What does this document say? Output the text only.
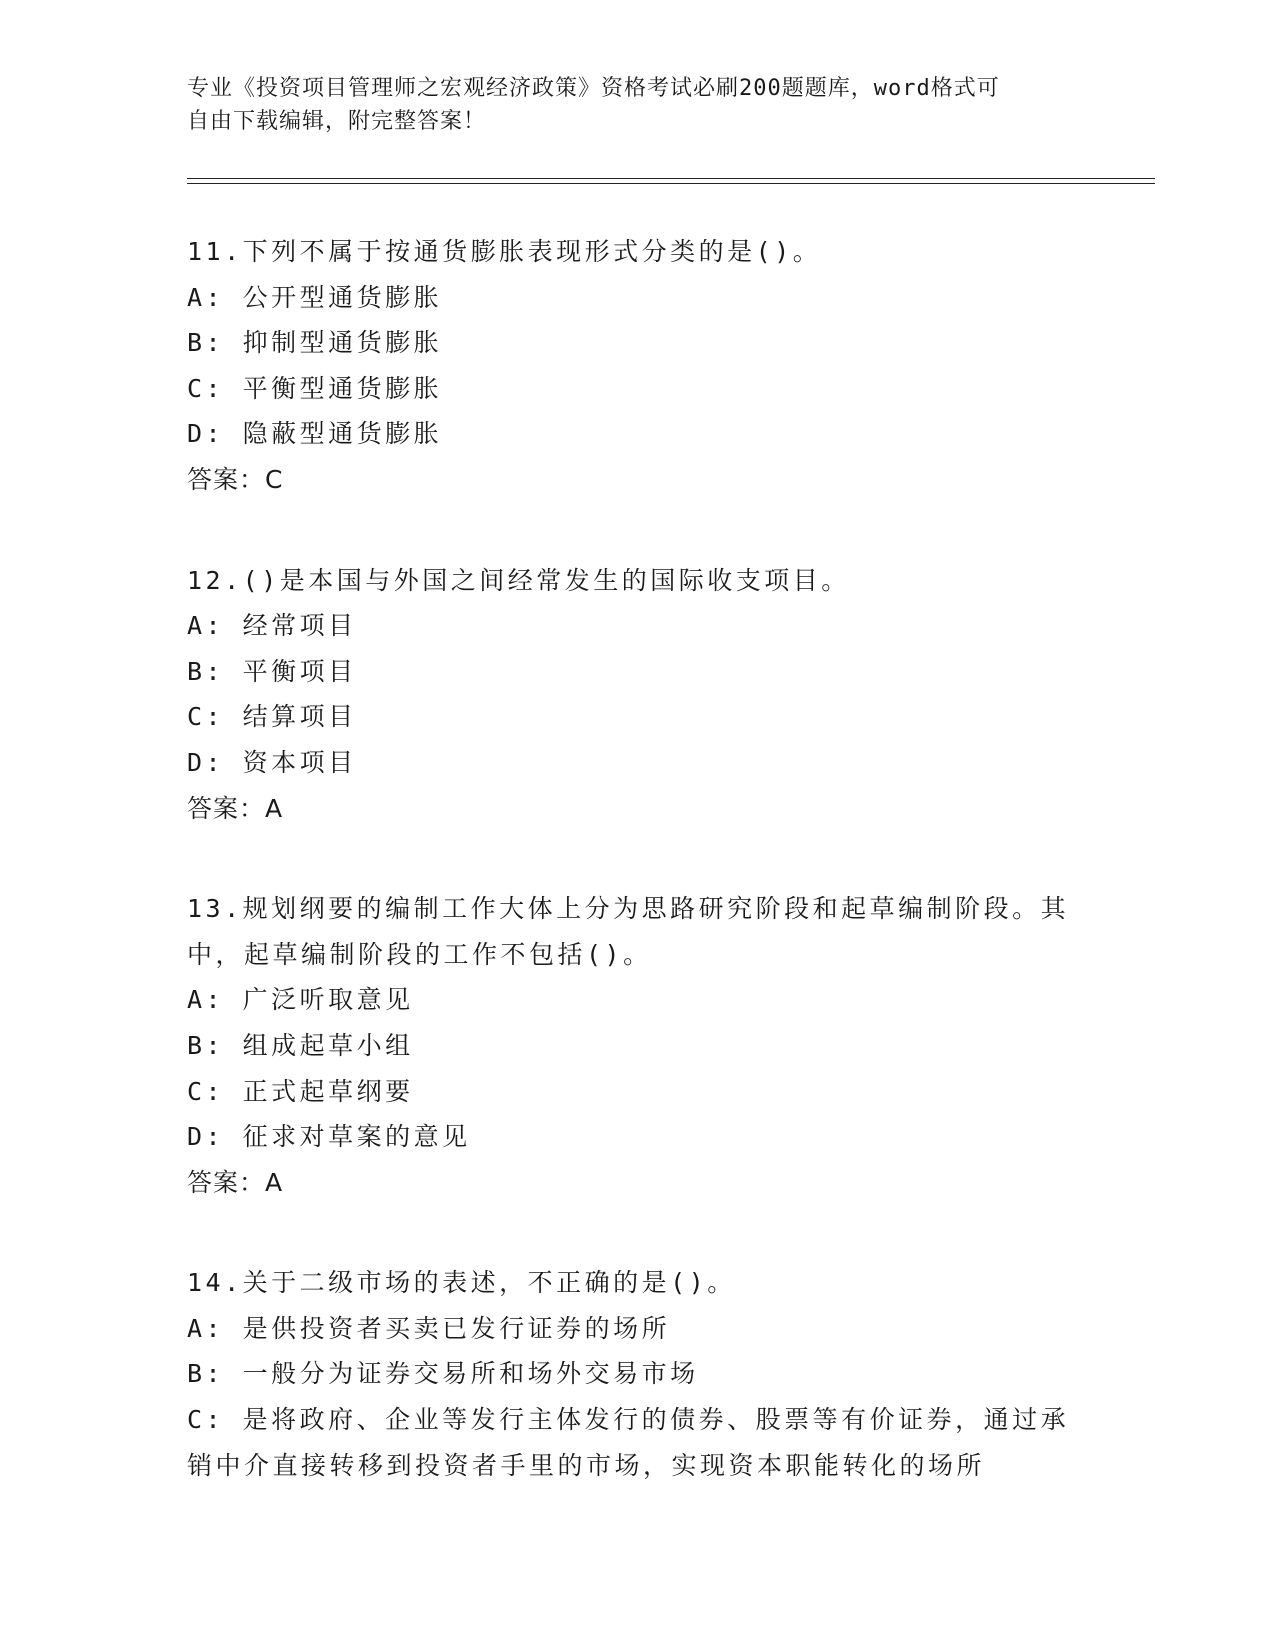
专业《投资项目管理师之宏观经济政策》资格考试必刷200题题库，word格式可

自由下载编辑，附完整答案！

11.下列不属于按通货膨胀表现形式分类的是()。

A: 公开型通货膨胀

B: 抑制型通货膨胀

C: 平衡型通货膨胀

D: 隐蔽型通货膨胀

答案：C

12.()是本国与外国之间经常发生的国际收支项目。

A: 经常项目

B: 平衡项目

C: 结算项目

D: 资本项目

答案：A

13.规划纲要的编制工作大体上分为思路研究阶段和起草编制阶段。其

中，起草编制阶段的工作不包括()。

A: 广泛听取意见

B: 组成起草小组

C: 正式起草纲要

D: 征求对草案的意见

答案：A

14.关于二级市场的表述，不正确的是()。

A: 是供投资者买卖已发行证券的场所

B: 一般分为证券交易所和场外交易市场

C: 是将政府、企业等发行主体发行的债券、股票等有价证券，通过承

销中介直接转移到投资者手里的市场，实现资本职能转化的场所
